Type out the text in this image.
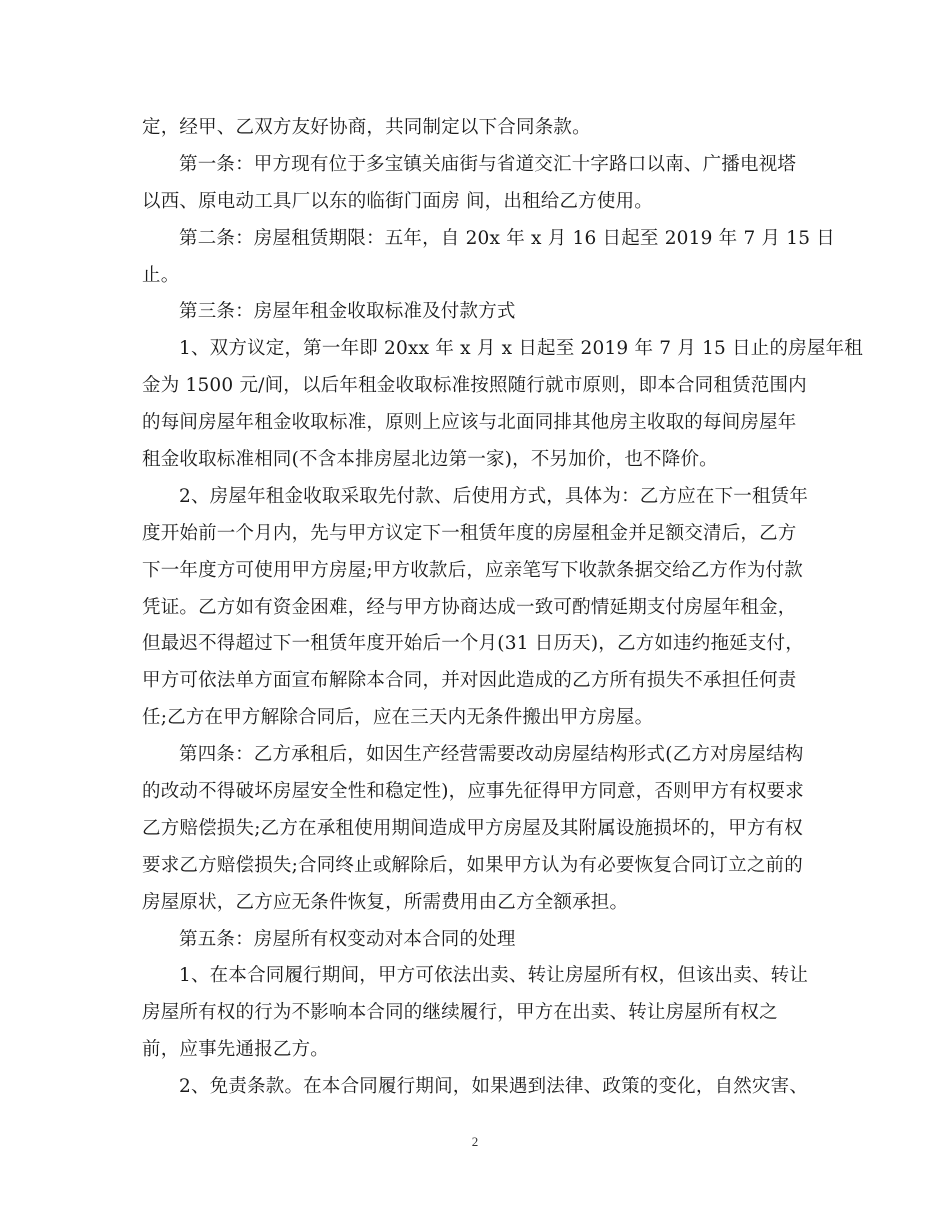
定，经甲、乙双方友好协商，共同制定以下合同条款。
第一条：甲方现有位于多宝镇关庙街与省道交汇十字路口以南、广播电视塔
以西、原电动工具厂以东的临街门面房 间，出租给乙方使用。
第二条：房屋租赁期限：五年，自 20x 年 x 月 16 日起至 2019 年 7 月 15 日
止。
第三条：房屋年租金收取标准及付款方式
1、双方议定，第一年即 20xx 年 x 月 x 日起至 2019 年 7 月 15 日止的房屋年租
金为 1500 元/间，以后年租金收取标准按照随行就市原则，即本合同租赁范围内
的每间房屋年租金收取标准，原则上应该与北面同排其他房主收取的每间房屋年
租金收取标准相同(不含本排房屋北边第一家)，不另加价，也不降价。
2、房屋年租金收取采取先付款、后使用方式，具体为：乙方应在下一租赁年
度开始前一个月内，先与甲方议定下一租赁年度的房屋租金并足额交清后，乙方
下一年度方可使用甲方房屋;甲方收款后，应亲笔写下收款条据交给乙方作为付款
凭证。乙方如有资金困难，经与甲方协商达成一致可酌情延期支付房屋年租金，
但最迟不得超过下一租赁年度开始后一个月(31 日历天)，乙方如违约拖延支付，
甲方可依法单方面宣布解除本合同，并对因此造成的乙方所有损失不承担任何责
任;乙方在甲方解除合同后，应在三天内无条件搬出甲方房屋。
第四条：乙方承租后，如因生产经营需要改动房屋结构形式(乙方对房屋结构
的改动不得破坏房屋安全性和稳定性)，应事先征得甲方同意，否则甲方有权要求
乙方赔偿损失;乙方在承租使用期间造成甲方房屋及其附属设施损坏的，甲方有权
要求乙方赔偿损失;合同终止或解除后，如果甲方认为有必要恢复合同订立之前的
房屋原状，乙方应无条件恢复，所需费用由乙方全额承担。
第五条：房屋所有权变动对本合同的处理
1、在本合同履行期间，甲方可依法出卖、转让房屋所有权，但该出卖、转让
房屋所有权的行为不影响本合同的继续履行，甲方在出卖、转让房屋所有权之
前，应事先通报乙方。
2、免责条款。在本合同履行期间，如果遇到法律、政策的变化，自然灾害、
2
